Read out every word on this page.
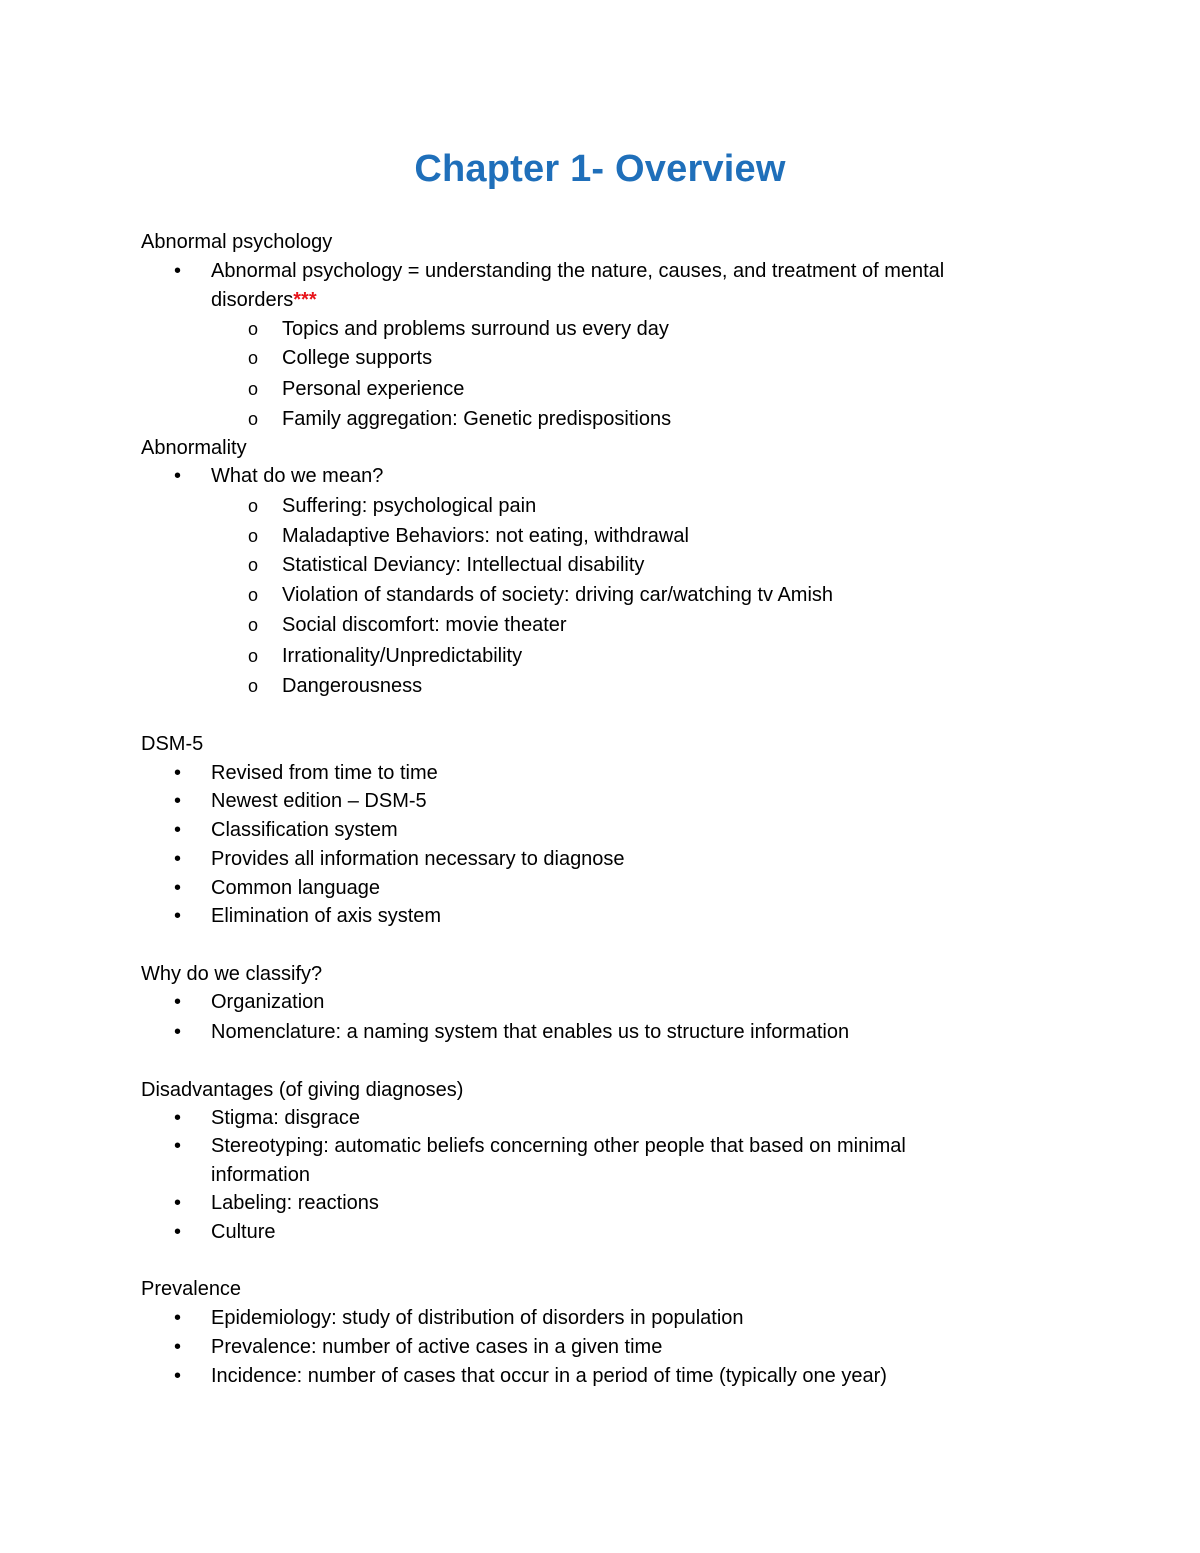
Chapter 1- Overview
Abnormal psychology
• Abnormal psychology = understanding the nature, causes, and treatment of mental
disorders***
o Topics and problems surround us every day
o College supports
o Personal experience
o Family aggregation: Genetic predispositions
Abnormality
• What do we mean?
o Suffering: psychological pain
o Maladaptive Behaviors: not eating, withdrawal
o Statistical Deviancy: Intellectual disability
o Violation of standards of society: driving car/watching tv Amish
o Social discomfort: movie theater
o Irrationality/Unpredictability
o Dangerousness
DSM-5
• Revised from time to time
• Newest edition – DSM-5
• Classification system
• Provides all information necessary to diagnose
• Common language
• Elimination of axis system
Why do we classify?
• Organization
• Nomenclature: a naming system that enables us to structure information
Disadvantages (of giving diagnoses)
• Stigma: disgrace
• Stereotyping: automatic beliefs concerning other people that based on minimal
information
• Labeling: reactions
• Culture
Prevalence
• Epidemiology: study of distribution of disorders in population
• Prevalence: number of active cases in a given time
• Incidence: number of cases that occur in a period of time (typically one year)
